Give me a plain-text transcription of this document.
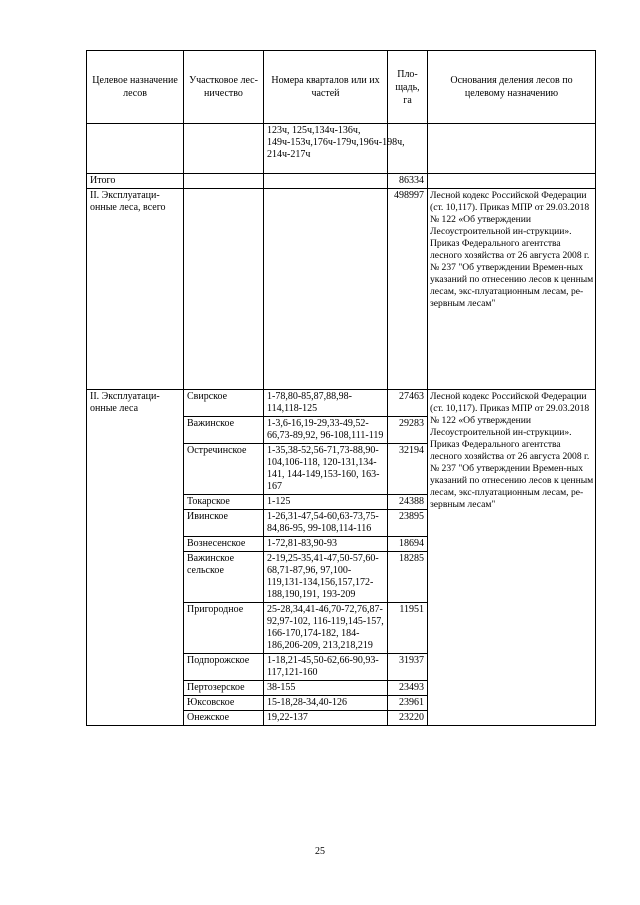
Целевое назначение лесов	Участковое лес-ничество	Номера кварталов или их частей	Пло-щадь, га	Основания деления лесов по целевому назначению
		123ч, 125ч,134ч-136ч, 149ч-153ч,176ч-179ч,196ч-198ч, 214ч-217ч		
Итого			86334	
II. Эксплуатаци-онные леса, всего			498997	Лесной кодекс Российской Федерации (ст. 10,117). Приказ МПР от 29.03.2018 № 122 «Об утверждении Лесоустроительной ин-струкции». Приказ Федерального агентства лесного хозяйства от 26 августа 2008 г. № 237 "Об утверждении Времен-ных указаний по отнесению лесов к ценным лесам, экс-плуатационным лесам, ре-зервным лесам"
II. Эксплуатаци-онные леса	Свирское	1-78,80-85,87,88,98-114,118-125	27463	Лесной кодекс Российской Федерации (ст. 10,117). Приказ МПР от 29.03.2018 № 122 «Об утверждении Лесоустроительной ин-струкции». Приказ Федерального агентства лесного хозяйства от 26 августа 2008 г. № 237 "Об утверждении Времен-ных указаний по отнесению лесов к ценным лесам, экс-плуатационным лесам, ре-зервным лесам"
	Важинское	1-3,6-16,19-29,33-49,52-66,73-89,92, 96-108,111-119	29283	
	Остречинское	1-35,38-52,56-71,73-88,90-104,106-118, 120-131,134-141, 144-149,153-160, 163-167	32194	
	Токарское	1-125	24388	
	Ивинское	1-26,31-47,54-60,63-73,75-84,86-95, 99-108,114-116	23895	
	Вознесенское	1-72,81-83,90-93	18694	
	Важинское сельское	2-19,25-35,41-47,50-57,60-68,71-87,96, 97,100-119,131-134,156,157,172-188,190,191, 193-209	18285	
	Пригородное	25-28,34,41-46,70-72,76,87-92,97-102, 116-119,145-157, 166-170,174-182, 184-186,206-209, 213,218,219	11951	
	Подпорожское	1-18,21-45,50-62,66-90,93-117,121-160	31937	
	Пертозерское	38-155	23493	
	Юксовское	15-18,28-34,40-126	23961	
	Онежское	19,22-137	23220	
25
